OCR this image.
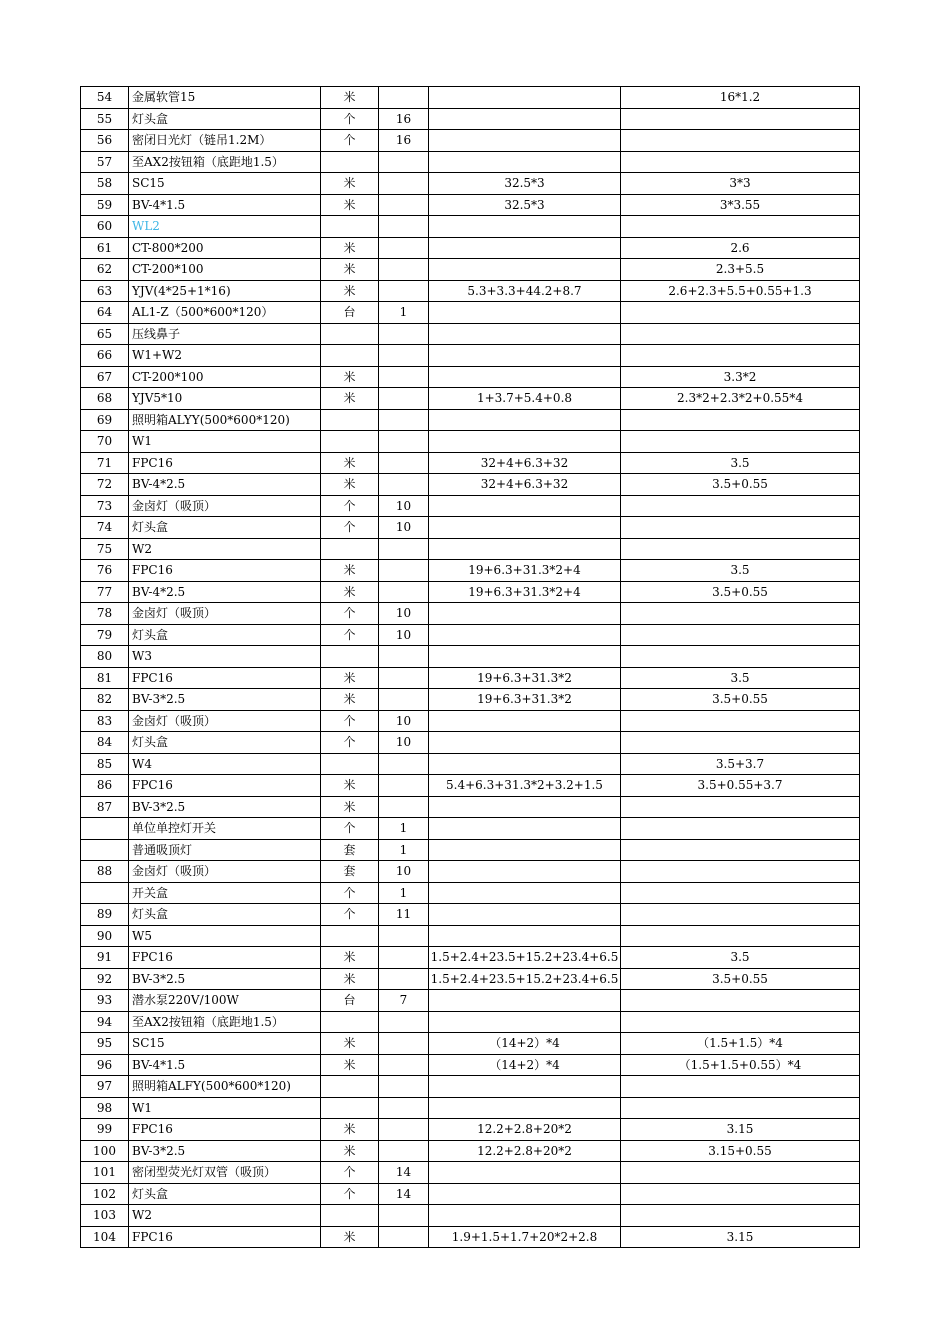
54	金属软管15	米			16*1.2
55	灯头盒	个	16		
56	密闭日光灯（链吊1.2M）	个	16		
57	至AX2按钮箱（底距地1.5）				
58	SC15	米		32.5*3	3*3
59	BV-4*1.5	米		32.5*3	3*3.55
60	WL2				
61	CT-800*200	米			2.6
62	CT-200*100	米			2.3+5.5
63	YJV(4*25+1*16)	米		5.3+3.3+44.2+8.7	2.6+2.3+5.5+0.55+1.3
64	AL1-Z（500*600*120）	台	1		
65	压线鼻子				
66	W1+W2				
67	CT-200*100	米			3.3*2
68	YJV5*10	米		1+3.7+5.4+0.8	2.3*2+2.3*2+0.55*4
69	照明箱ALYY(500*600*120)				
70	W1				
71	FPC16	米		32+4+6.3+32	3.5
72	BV-4*2.5	米		32+4+6.3+32	3.5+0.55
73	金卤灯（吸顶）	个	10		
74	灯头盒	个	10		
75	W2				
76	FPC16	米		19+6.3+31.3*2+4	3.5
77	BV-4*2.5	米		19+6.3+31.3*2+4	3.5+0.55
78	金卤灯（吸顶）	个	10		
79	灯头盒	个	10		
80	W3				
81	FPC16	米		19+6.3+31.3*2	3.5
82	BV-3*2.5	米		19+6.3+31.3*2	3.5+0.55
83	金卤灯（吸顶）	个	10		
84	灯头盒	个	10		
85	W4				3.5+3.7
86	FPC16	米		5.4+6.3+31.3*2+3.2+1.5	3.5+0.55+3.7
87	BV-3*2.5	米			
	单位单控灯开关	个	1		
	普通吸顶灯	套	1		
88	金卤灯（吸顶）	套	10		
	开关盒	个	1		
89	灯头盒	个	11		
90	W5				
91	FPC16	米		1.5+2.4+23.5+15.2+23.4+6.5	3.5
92	BV-3*2.5	米		1.5+2.4+23.5+15.2+23.4+6.5	3.5+0.55
93	潜水泵220V/100W	台	7		
94	至AX2按钮箱（底距地1.5）				
95	SC15	米		（14+2）*4	（1.5+1.5）*4
96	BV-4*1.5	米		（14+2）*4	（1.5+1.5+0.55）*4
97	照明箱ALFY(500*600*120)				
98	W1				
99	FPC16	米		12.2+2.8+20*2	3.15
100	BV-3*2.5	米		12.2+2.8+20*2	3.15+0.55
101	密闭型荧光灯双管（吸顶）	个	14		
102	灯头盒	个	14		
103	W2				
104	FPC16	米		1.9+1.5+1.7+20*2+2.8	3.15
